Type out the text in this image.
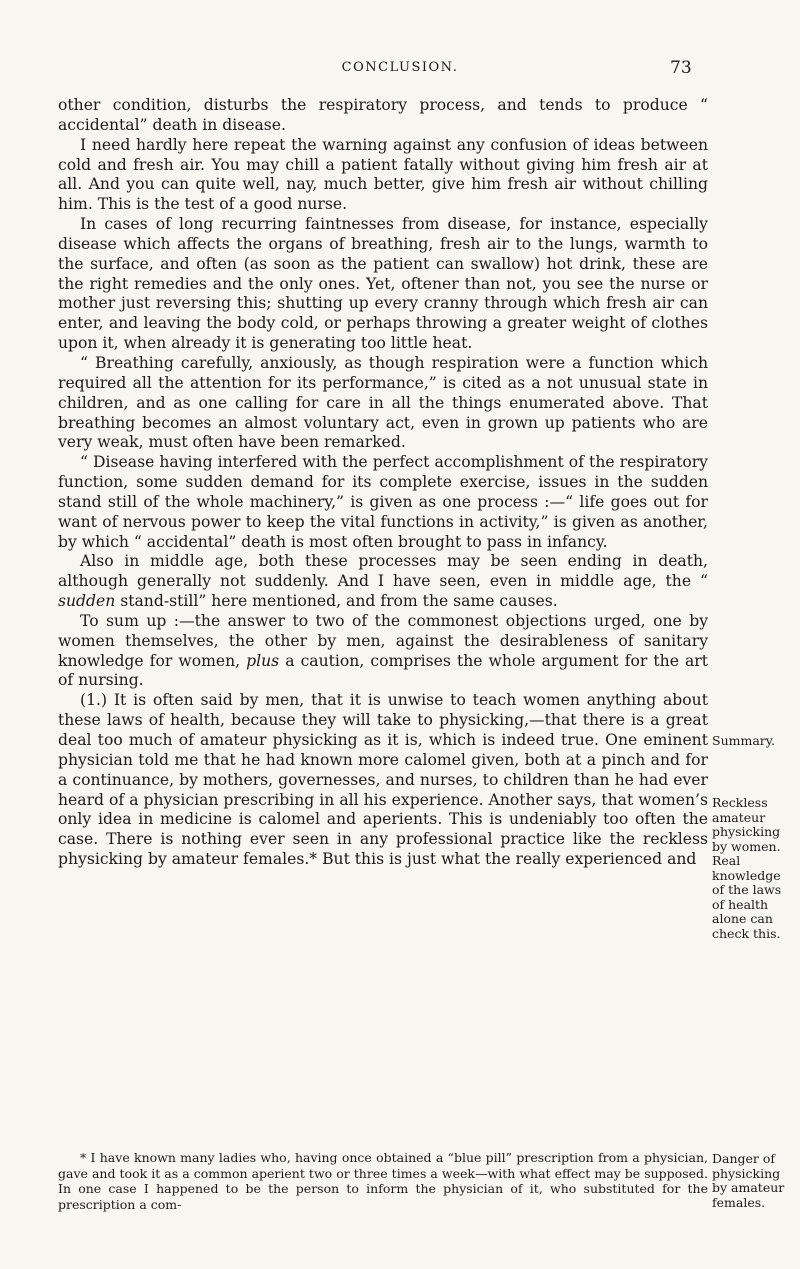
CONCLUSION.	73

other condition, disturbs the respiratory process, and tends to produce “ accidental” death in disease.

I need hardly here repeat the warning against any confusion of ideas between cold and fresh air. You may chill a patient fatally without giving him fresh air at all. And you can quite well, nay, much better, give him fresh air without chilling him. This is the test of a good nurse.

In cases of long recurring faintnesses from disease, for instance, especially disease which affects the organs of breathing, fresh air to the lungs, warmth to the surface, and often (as soon as the patient can swallow) hot drink, these are the right remedies and the only ones. Yet, oftener than not, you see the nurse or mother just reversing this; shutting up every cranny through which fresh air can enter, and leaving the body cold, or perhaps throwing a greater weight of clothes upon it, when already it is generating too little heat.

“ Breathing carefully, anxiously, as though respiration were a function which required all the attention for its performance,” is cited as a not unusual state in children, and as one calling for care in all the things enumerated above. That breathing becomes an almost voluntary act, even in grown up patients who are very weak, must often have been remarked.

“ Disease having interfered with the perfect accomplishment of the respiratory function, some sudden demand for its complete exercise, issues in the sudden stand still of the whole machinery,” is given as one process :—“ life goes out for want of nervous power to keep the vital functions in activity,” is given as another, by which “ accidental” death is most often brought to pass in infancy.

Also in middle age, both these processes may be seen ending in death, although generally not suddenly. And I have seen, even in middle age, the “ sudden stand-still” here mentioned, and from the same causes.

To sum up :—the answer to two of the commonest objections urged, one by women themselves, the other by men, against the desirableness of sanitary knowledge for women, plus a caution, comprises the whole argument for the art of nursing.

(1.) It is often said by men, that it is unwise to teach women anything about these laws of health, because they will take to physicking,—that there is a great deal too much of amateur physicking as it is, which is indeed true. One eminent physician told me that he had known more calomel given, both at a pinch and for a continuance, by mothers, governesses, and nurses, to children than he had ever heard of a physician prescribing in all his experience. Another says, that women’s only idea in medicine is calomel and aperients. This is undeniably too often the case. There is nothing ever seen in any professional practice like the reckless physicking by amateur females.* But this is just what the really experienced and

Summary.
Reckless amateur physicking by women. Real knowledge of the laws of health alone can check this.
Danger of physicking by amateur females.

* I have known many ladies who, having once obtained a “blue pill” prescription from a physician, gave and took it as a common aperient two or three times a week—with what effect may be supposed. In one case I happened to be the person to inform the physician of it, who substituted for the prescription a com-
